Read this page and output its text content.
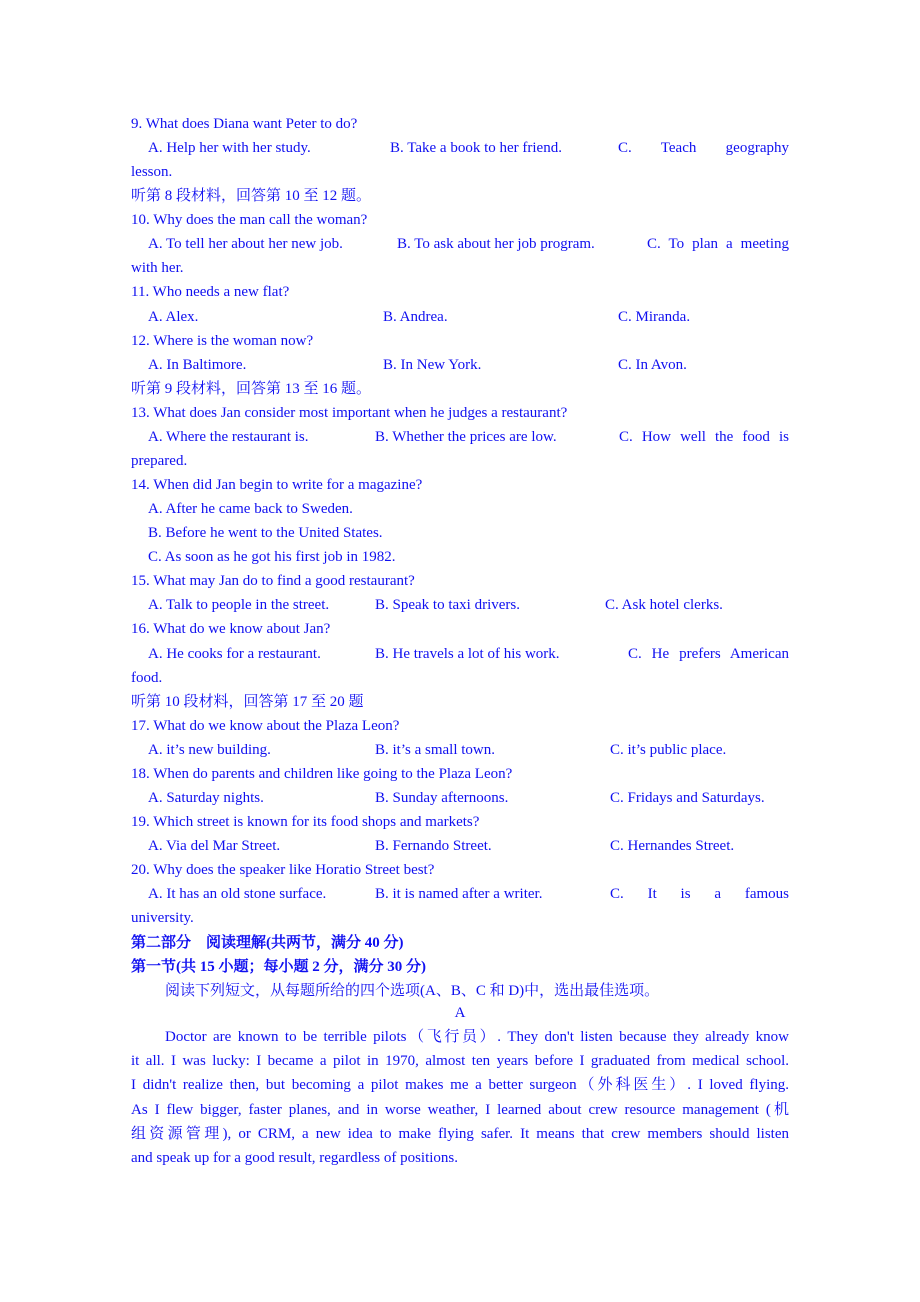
9. What does Diana want Peter to do?
A. Help her with her study.	B. Take a book to her friend.	C. Teach geography
lesson.
听第 8 段材料，回答第 10 至 12 题。
10. Why does the man call the woman?
A. To tell her about her new job.	B. To ask about her job program.	C. To plan a meeting
with her.
11. Who needs a new flat?
A. Alex.	B. Andrea.	C. Miranda.
12. Where is the woman now?
A. In Baltimore.	B. In New York.	C. In Avon.
听第 9 段材料，回答第 13 至 16 题。
13. What does Jan consider most important when he judges a restaurant?
A. Where the restaurant is.	B. Whether the prices are low.	C. How well the food is
prepared.
14. When did Jan begin to write for a magazine?
A. After he came back to Sweden.
B. Before he went to the United States.
C. As soon as he got his first job in 1982.
15. What may Jan do to find a good restaurant?
A. Talk to people in the street.	B. Speak to taxi drivers.	C. Ask hotel clerks.
16. What do we know about Jan?
A. He cooks for a restaurant.	B. He travels a lot of his work.	C. He prefers American
food.
听第 10 段材料，回答第 17 至 20 题
17. What do we know about the Plaza Leon?
A. it’s new building.	B. it’s a small town.	C. it’s public place.
18. When do parents and children like going to the Plaza Leon?
A. Saturday nights.	B. Sunday afternoons.	C. Fridays and Saturdays.
19. Which street is known for its food shops and markets?
A. Via del Mar Street.	B. Fernando Street.	C. Hernandes Street.
20. Why does the speaker like Horatio Street best?
A. It has an old stone surface.	B. it is named after a writer.	C. It is a famous
university.
第二部分　阅读理解(共两节，满分 40 分)
第一节(共 15 小题；每小题 2 分，满分 30 分)
阅读下列短文，从每题所给的四个选项(A、B、C 和 D)中，选出最佳选项。
A
Doctor are known to be terrible pilots（飞行员）. They don't listen because they already know
it all. I was lucky: I became a pilot in 1970, almost ten years before I graduated from medical school.
I didn't realize then, but becoming a pilot makes me a better surgeon（外科医生）. I loved flying.
As I flew bigger, faster planes, and in worse weather, I learned about crew resource management (机
组资源管理), or CRM, a new idea to make flying safer. It means that crew members should listen
and speak up for a good result, regardless of positions.
